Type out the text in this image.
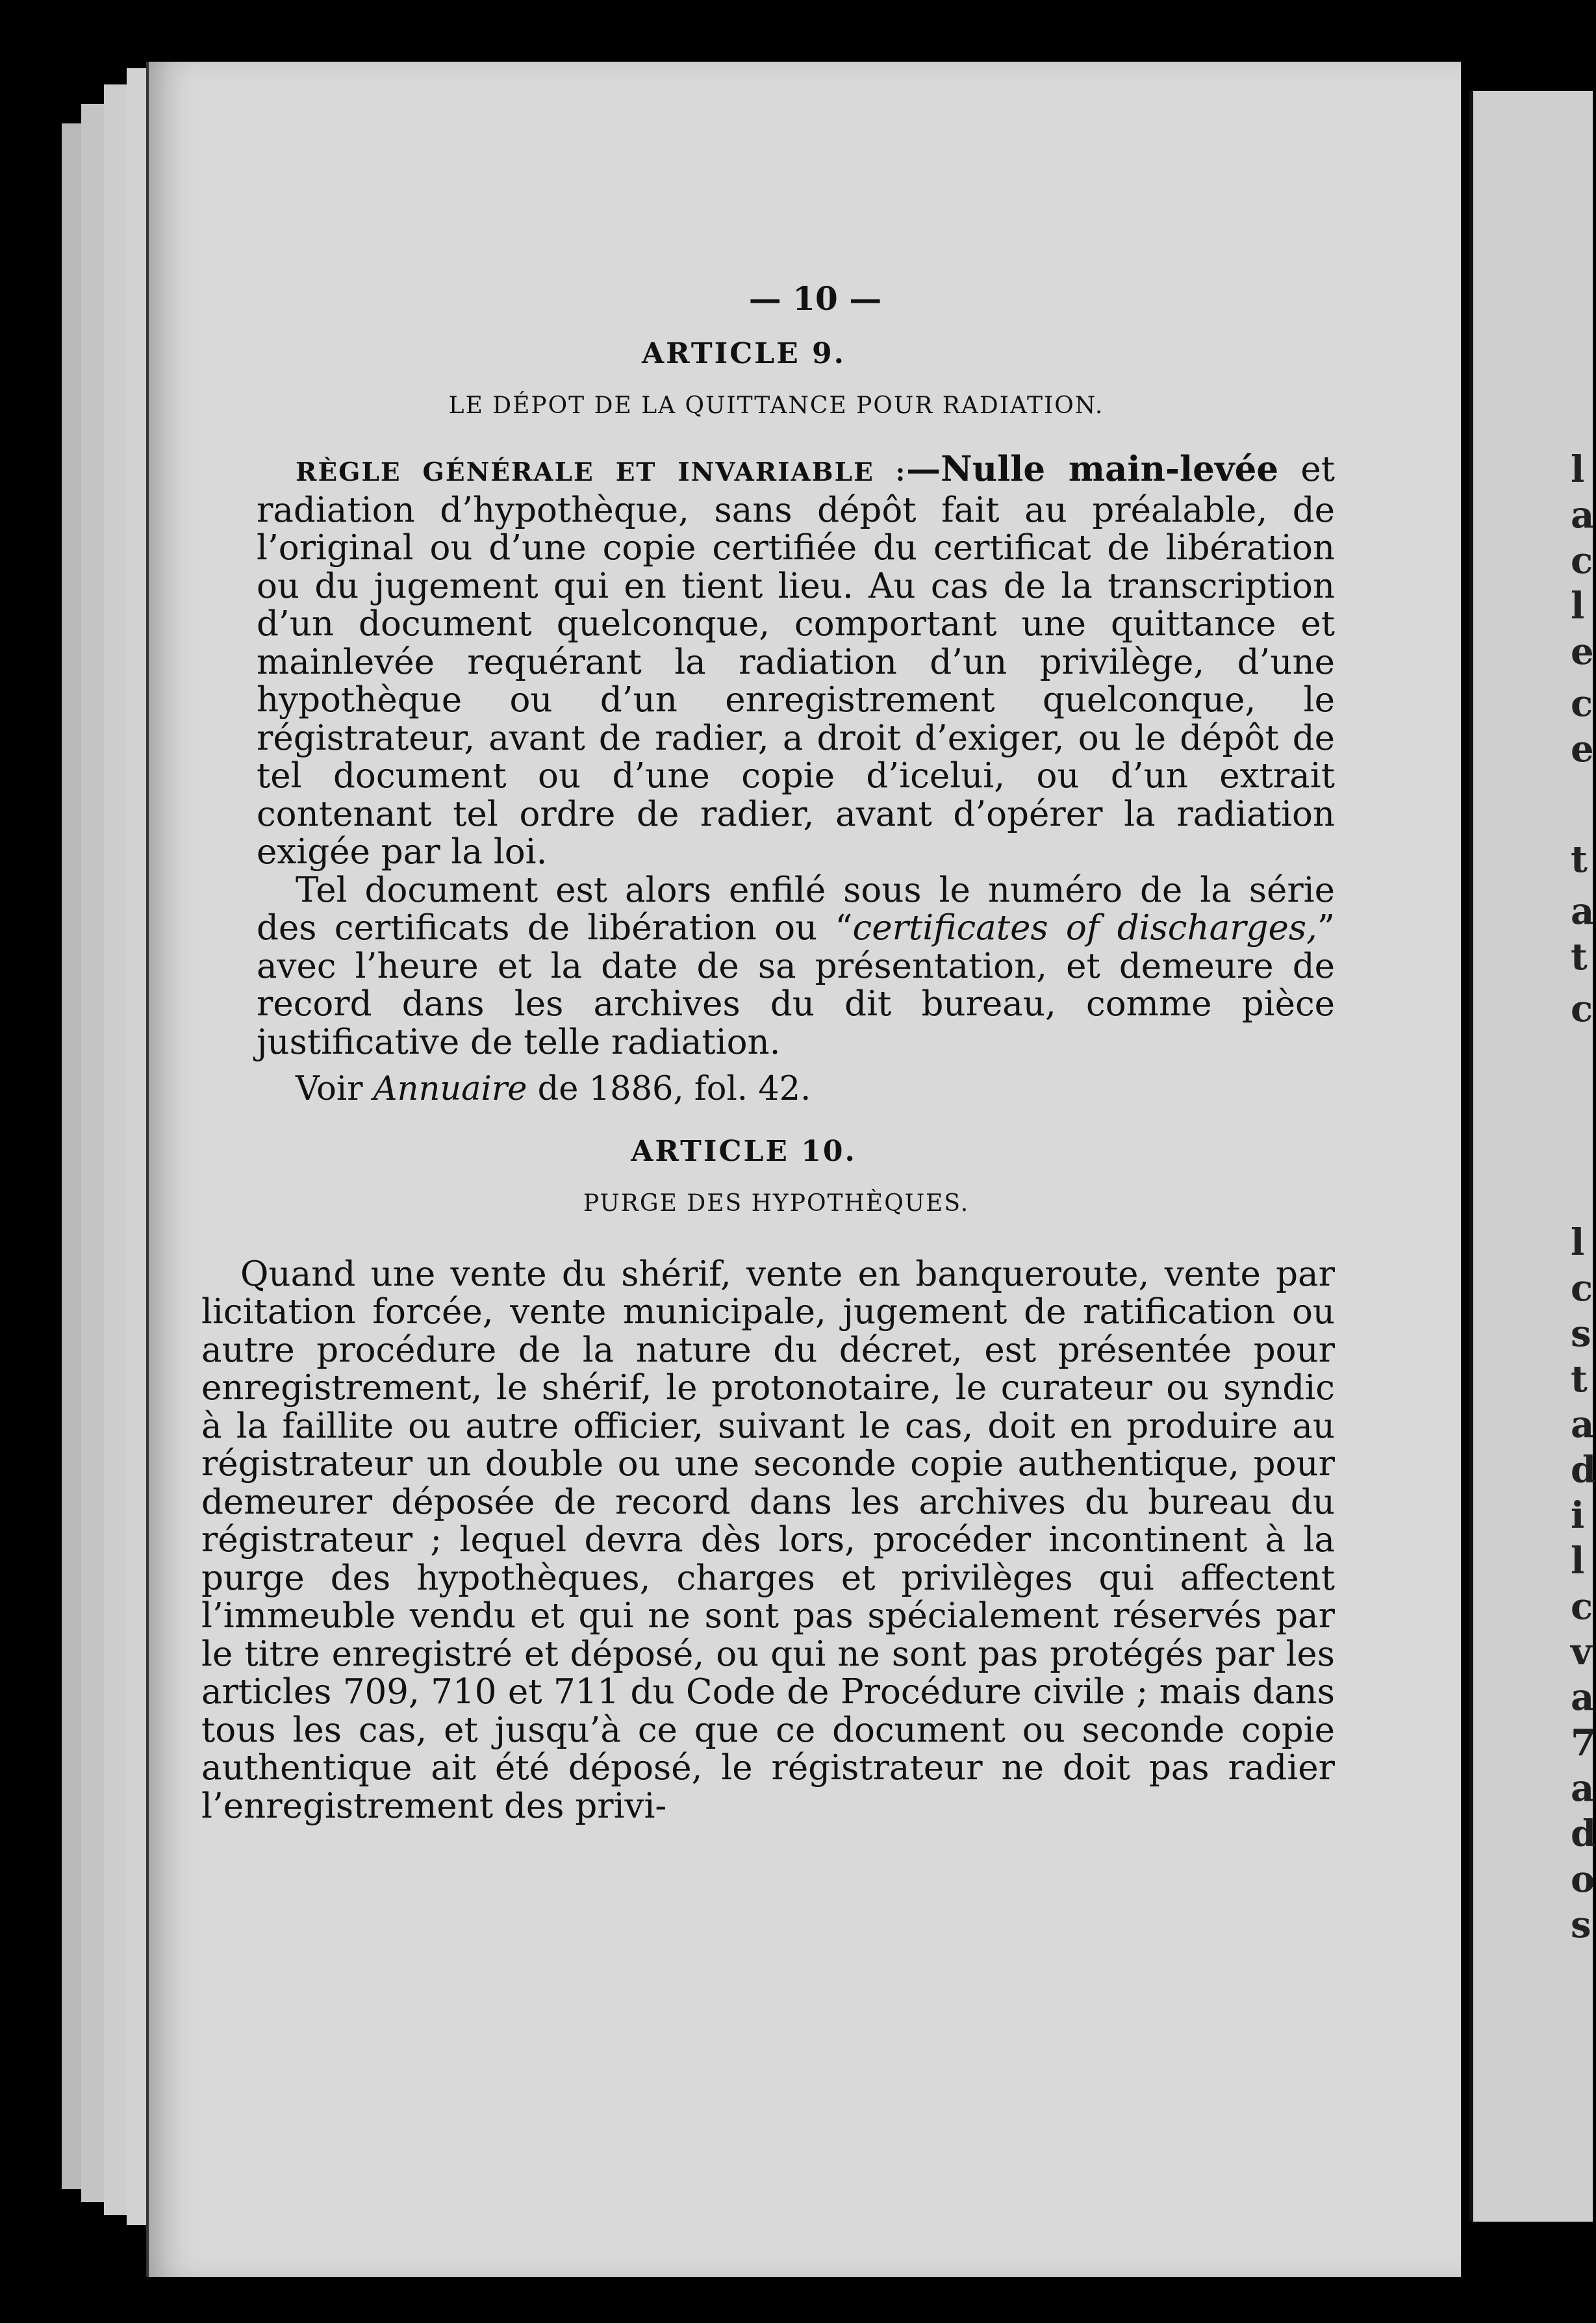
l
a
c
l
e
c
e
t
a
t
c
l
c
s
t
a
d
i
l
c
v
a
7
a
d
o
s
— 10 —
ARTICLE 9.
LE DÉPOT DE LA QUITTANCE POUR RADIATION.

RÈGLE GÉNÉRALE ET INVARIABLE :—Nulle main-levée et radiation d’hypothèque, sans dépôt fait au préalable, de l’original ou d’une copie certifiée du certificat de libération ou du jugement qui en tient lieu. Au cas de la transcription d’un document quelconque, comportant une quittance et mainlevée requérant la radiation d’un privilège, d’une hypothèque ou d’un enregistrement quelconque, le régistrateur, avant de radier, a droit d’exiger, ou le dépôt de tel document ou d’une copie d’icelui, ou d’un extrait contenant tel ordre de radier, avant d’opérer la radiation exigée par la loi.

Tel document est alors enfilé sous le numéro de la série des certificats de libération ou “certificates of discharges,” avec l’heure et la date de sa présentation, et demeure de record dans les archives du dit bureau, comme pièce justificative de telle radiation.

Voir Annuaire de 1886, fol. 42.

ARTICLE 10.
PURGE DES HYPOTHÈQUES.

Quand une vente du shérif, vente en banqueroute, vente par licitation forcée, vente municipale, jugement de ratification ou autre procédure de la nature du décret, est présentée pour enregistrement, le shérif, le protonotaire, le curateur ou syndic à la faillite ou autre officier, suivant le cas, doit en produire au régistrateur un double ou une seconde copie authentique, pour demeurer déposée de record dans les archives du bureau du régistrateur ; lequel devra dès lors, procéder incontinent à la purge des hypothèques, charges et privilèges qui affectent l’immeuble vendu et qui ne sont pas spécialement réservés par le titre enregistré et déposé, ou qui ne sont pas protégés par les articles 709, 710 et 711 du Code de Procédure civile ; mais dans tous les cas, et jusqu’à ce que ce document ou seconde copie authentique ait été déposé, le régistrateur ne doit pas radier l’enregistrement des privi-
